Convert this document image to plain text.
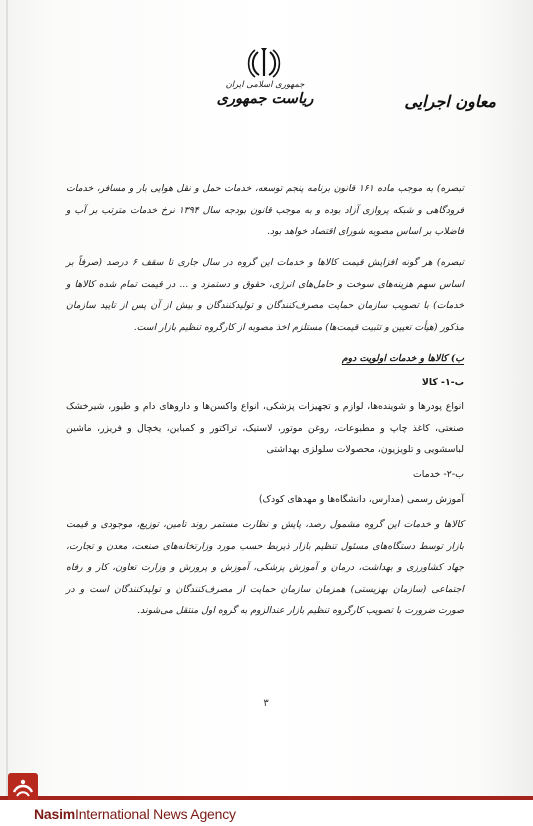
جمهوری اسلامی ایران
ریاست جمهوری	معاون اجرایی

تبصره) به موجب ماده ۱۶۱ قانون برنامه پنجم توسعه، خدمات حمل و نقل هوایی بار و مسافر، خدمات فرودگاهی و شبکه پروازی آزاد بوده و به موجب قانون بودجه سال ۱۳۹۴ نرخ خدمات مترتب بر آب و فاضلاب بر اساس مصوبه شورای اقتصاد خواهد بود.

تبصره) هر گونه افزایش قیمت کالاها و خدمات این گروه در سال جاری تا سقف ۶ درصد (صرفاً بر اساس سهم هزینه‌های سوخت و حامل‌های انرژی، حقوق و دستمزد و ... در قیمت تمام شده کالاها و خدمات) با تصویب سازمان حمایت مصرف‌کنندگان و تولیدکنندگان و بیش از آن پس از تایید سازمان مذکور (هیأت تعیین و تثبیت قیمت‌ها) مستلزم اخذ مصوبه از کارگروه تنظیم بازار است.

ب) کالاها و خدمات اولویت دوم

ب-۱- کالا

انواع پودرها و شوینده‌ها، لوازم و تجهیزات پزشکی، انواع واکسن‌ها و داروهای دام و طیور، شیرخشک صنعتی، کاغذ چاپ و مطبوعات، روغن موتور، لاستیک، تراکتور و کمباین، یخچال و فریزر، ماشین لباسشویی و تلویزیون، محصولات سلولزی بهداشتی

ب-۲- خدمات

آموزش رسمی (مدارس، دانشگاه‌ها و مهدهای کودک)

کالاها و خدمات این گروه مشمول رصد، پایش و نظارت مستمر روند تامین، توزیع، موجودی و قیمت بازار توسط دستگاه‌های مسئول تنظیم بازار ذیربط حسب مورد وزارتخانه‌های صنعت، معدن و تجارت، جهاد کشاورزی و بهداشت، درمان و آموزش پزشکی، آموزش و پرورش و وزارت تعاون، کار و رفاه اجتماعی (سازمان بهزیستی) همزمان سازمان حمایت از مصرف‌کنندگان و تولیدکنندگان است و در صورت ضرورت با تصویب کارگروه تنظیم بازار عندالزوم به گروه اول منتقل می‌شوند.

۳
NasimInternational News Agency
